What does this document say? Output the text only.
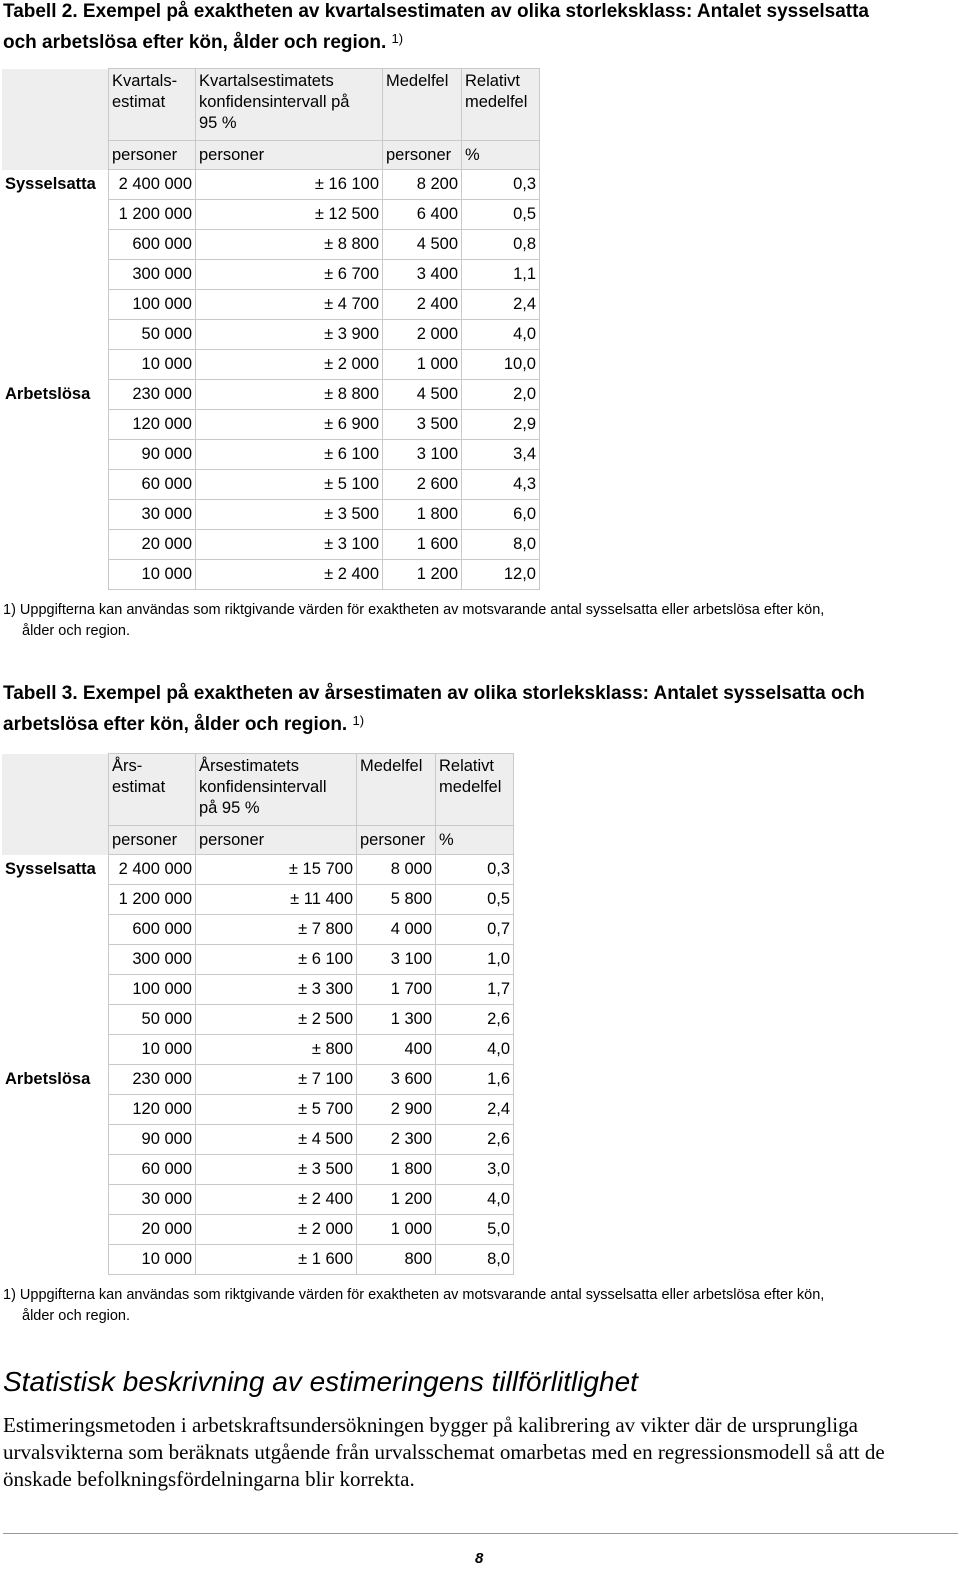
Tabell 2. Exempel på exaktheten av kvartalsestimaten av olika storleksklass: Antalet sysselsatta
och arbetslösa efter kön, ålder och region. $^{1)}$
	Kvartals-
estimat	Kvartalsestimatets
konfidensintervall på
95 %	Medelfel	Relativt
medelfel
	personer	personer	personer	%
Sysselsatta	2 400 000	± 16 100	8 200	0,3
	1 200 000	± 12 500	6 400	0,5
	600 000	± 8 800	4 500	0,8
	300 000	± 6 700	3 400	1,1
	100 000	± 4 700	2 400	2,4
	50 000	± 3 900	2 000	4,0
	10 000	± 2 000	1 000	10,0
Arbetslösa	230 000	± 8 800	4 500	2,0
	120 000	± 6 900	3 500	2,9
	90 000	± 6 100	3 100	3,4
	60 000	± 5 100	2 600	4,3
	30 000	± 3 500	1 800	6,0
	20 000	± 3 100	1 600	8,0
	10 000	± 2 400	1 200	12,0
1) Uppgifterna kan användas som riktgivande värden för exaktheten av motsvarande antal sysselsatta eller arbetslösa efter kön,
ålder och region.
Tabell 3. Exempel på exaktheten av årsestimaten av olika storleksklass: Antalet sysselsatta och
arbetslösa efter kön, ålder och region. $^{1)}$
	Års-
estimat	Årsestimatets
konfidensintervall
på 95 %	Medelfel	Relativt
medelfel
	personer	personer	personer	%
Sysselsatta	2 400 000	± 15 700	8 000	0,3
	1 200 000	± 11 400	5 800	0,5
	600 000	± 7 800	4 000	0,7
	300 000	± 6 100	3 100	1,0
	100 000	± 3 300	1 700	1,7
	50 000	± 2 500	1 300	2,6
	10 000	± 800	400	4,0
Arbetslösa	230 000	± 7 100	3 600	1,6
	120 000	± 5 700	2 900	2,4
	90 000	± 4 500	2 300	2,6
	60 000	± 3 500	1 800	3,0
	30 000	± 2 400	1 200	4,0
	20 000	± 2 000	1 000	5,0
	10 000	± 1 600	800	8,0
1) Uppgifterna kan användas som riktgivande värden för exaktheten av motsvarande antal sysselsatta eller arbetslösa efter kön,
ålder och region.
Statistisk beskrivning av estimeringens tillförlitlighet
Estimeringsmetoden i arbetskraftsundersökningen bygger på kalibrering av vikter där de ursprungliga
urvalsvikterna som beräknats utgående från urvalsschemat omarbetas med en regressionsmodell så att de
önskade befolkningsfördelningarna blir korrekta.
8
